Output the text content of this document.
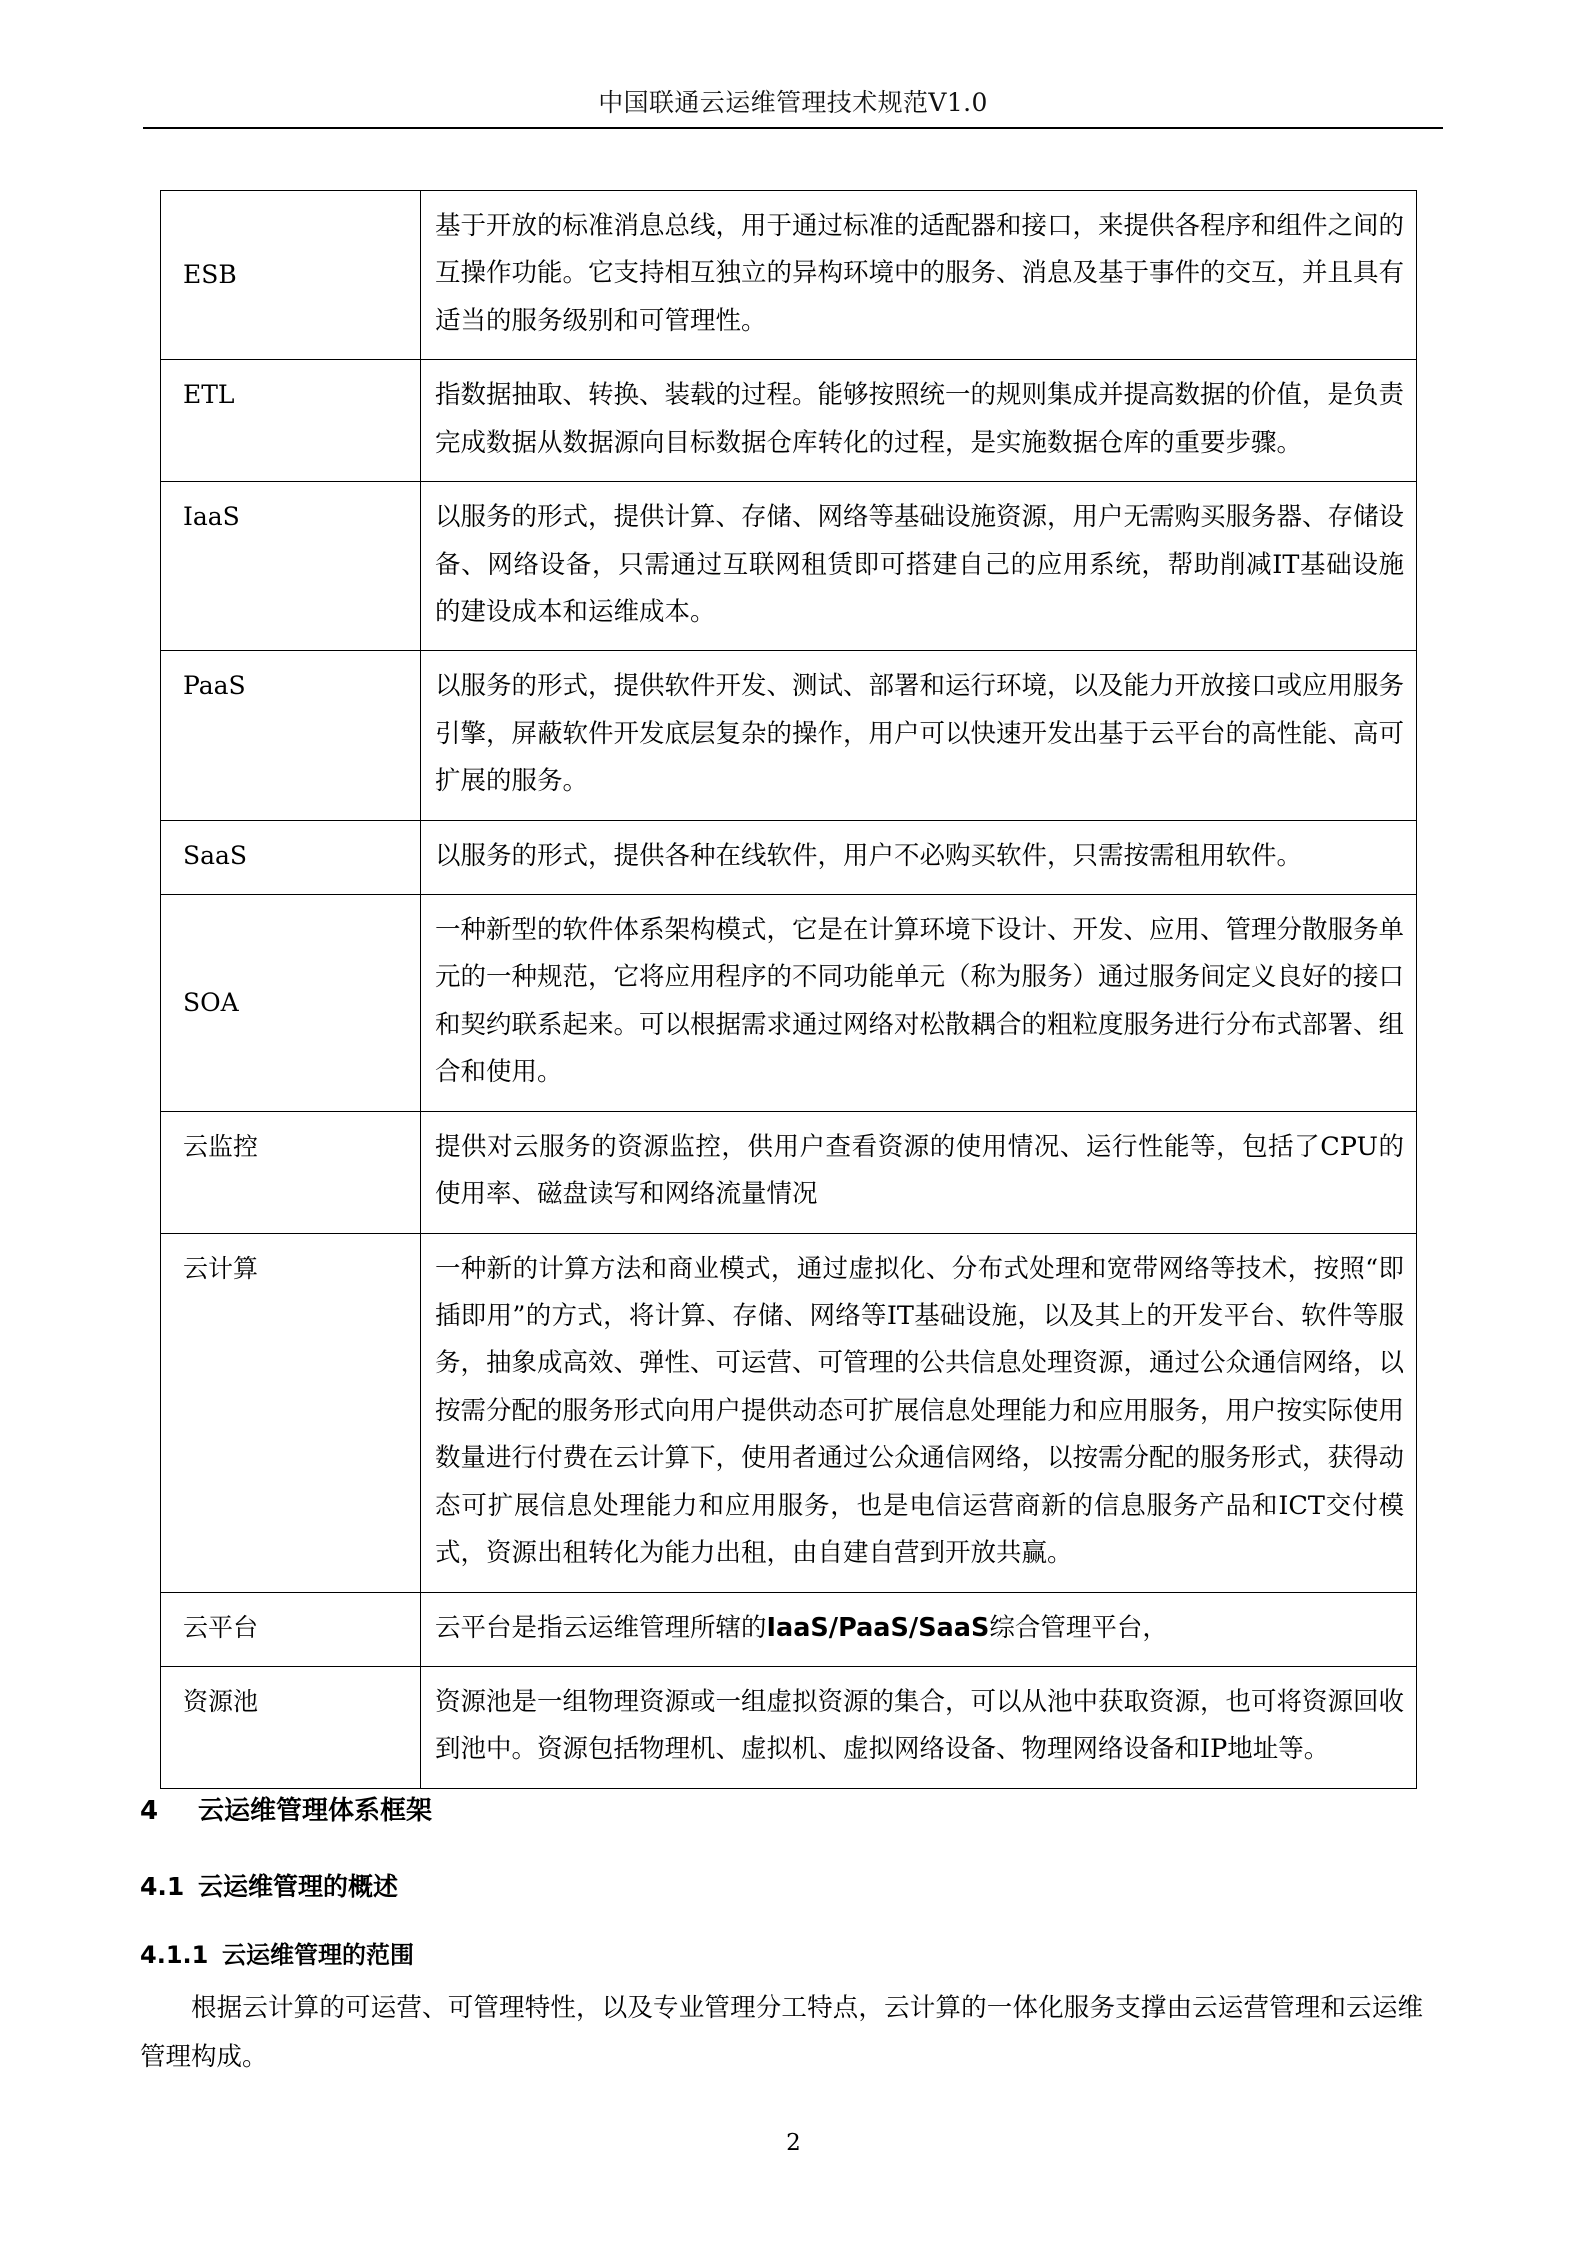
中国联通云运维管理技术规范V1.0
ESB	基于开放的标准消息总线，用于通过标准的适配器和接口，来提供各程序和组件之间的互操作功能。它支持相互独立的异构环境中的服务、消息及基于事件的交互，并且具有适当的服务级别和可管理性。

ETL	指数据抽取、转换、装载的过程。能够按照统一的规则集成并提高数据的价值，是负责完成数据从数据源向目标数据仓库转化的过程，是实施数据仓库的重要步骤。

IaaS	以服务的形式，提供计算、存储、网络等基础设施资源，用户无需购买服务器、存储设备、网络设备，只需通过互联网租赁即可搭建自己的应用系统，帮助削减IT基础设施的建设成本和运维成本。

PaaS	以服务的形式，提供软件开发、测试、部署和运行环境，以及能力开放接口或应用服务引擎，屏蔽软件开发底层复杂的操作，用户可以快速开发出基于云平台的高性能、高可扩展的服务。

SaaS	以服务的形式，提供各种在线软件，用户不必购买软件，只需按需租用软件。

SOA	一种新型的软件体系架构模式，它是在计算环境下设计、开发、应用、管理分散服务单元的一种规范，它将应用程序的不同功能单元（称为服务）通过服务间定义良好的接口和契约联系起来。可以根据需求通过网络对松散耦合的粗粒度服务进行分布式部署、组合和使用。

云监控	提供对云服务的资源监控，供用户查看资源的使用情况、运行性能等，包括了CPU的使用率、磁盘读写和网络流量情况

云计算	一种新的计算方法和商业模式，通过虚拟化、分布式处理和宽带网络等技术，按照“即插即用”的方式，将计算、存储、网络等IT基础设施，以及其上的开发平台、软件等服务，抽象成高效、弹性、可运营、可管理的公共信息处理资源，通过公众通信网络，以按需分配的服务形式向用户提供动态可扩展信息处理能力和应用服务，用户按实际使用数量进行付费在云计算下，使用者通过公众通信网络，以按需分配的服务形式，获得动态可扩展信息处理能力和应用服务，也是电信运营商新的信息服务产品和ICT交付模式，资源出租转化为能力出租，由自建自营到开放共赢。

云平台	云平台是指云运维管理所辖的IaaS/PaaS/SaaS综合管理平台，

资源池	资源池是一组物理资源或一组虚拟资源的集合，可以从池中获取资源，也可将资源回收到池中。资源包括物理机、虚拟机、虚拟网络设备、物理网络设备和IP地址等。

4 云运维管理体系框架
4.1 云运维管理的概述
4.1.1 云运维管理的范围

根据云计算的可运营、可管理特性，以及专业管理分工特点，云计算的一体化服务支撑由云运营管理和云运维管理构成。

2
